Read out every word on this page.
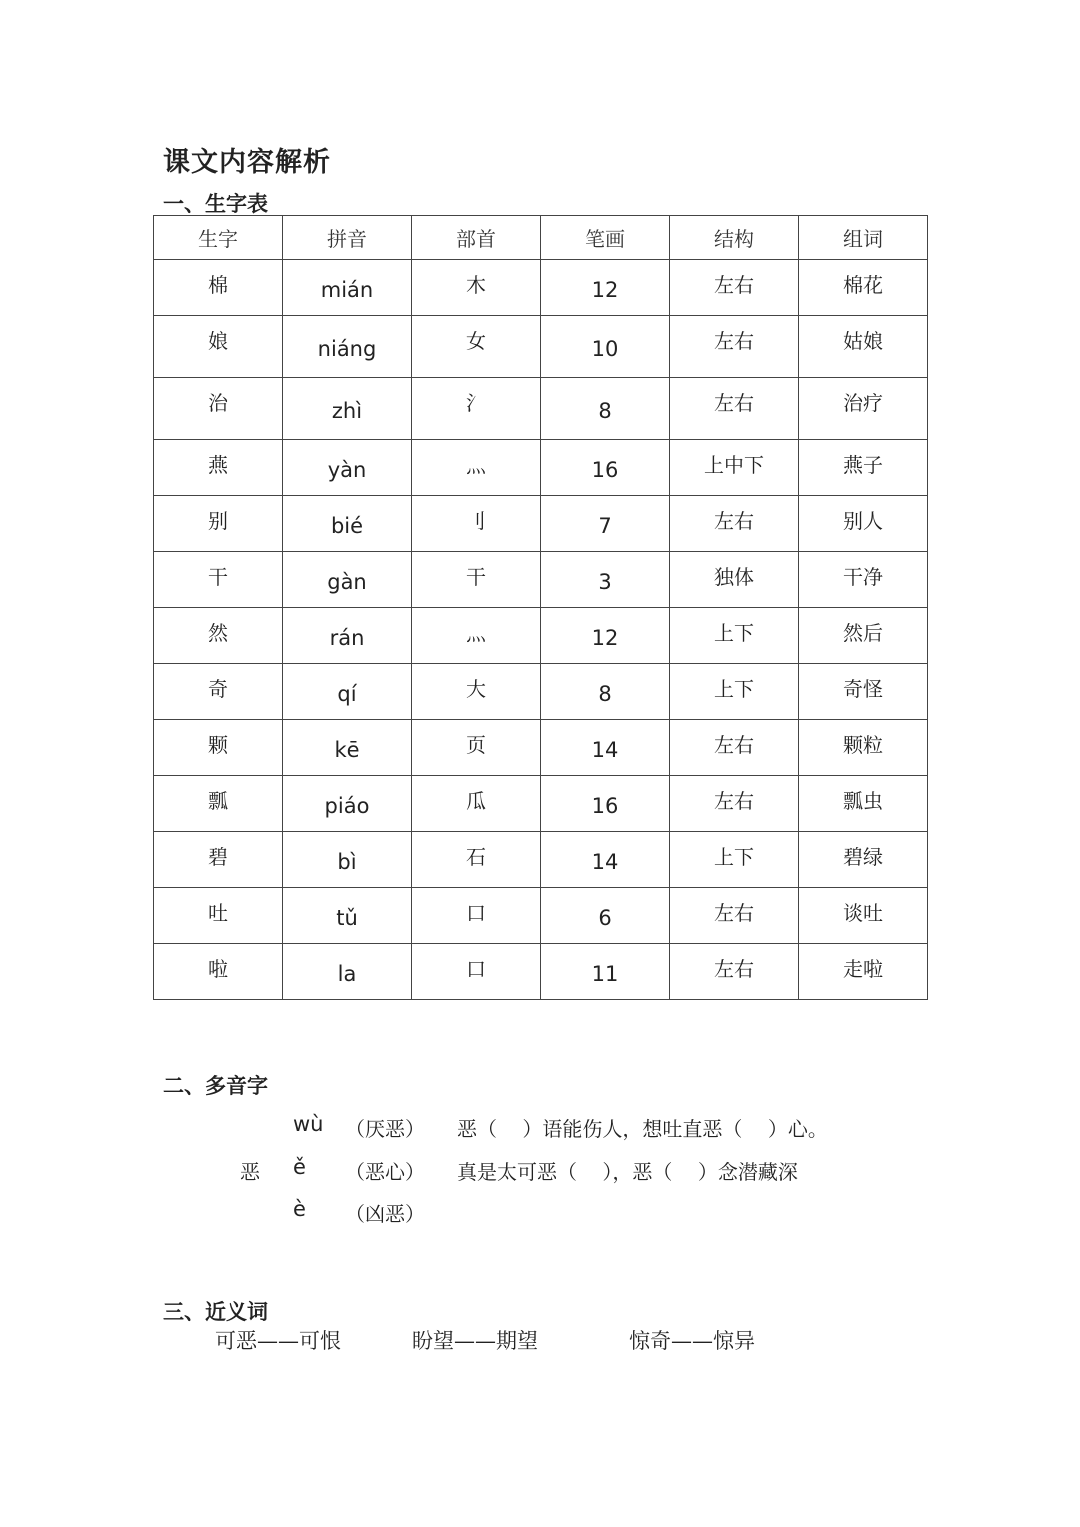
课文内容解析
一、生字表
生字	拼音	部首	笔画	结构	组词
棉	mián	木	12	左右	棉花
娘	niáng	女	10	左右	姑娘
治	zhì	氵	8	左右	治疗
燕	yàn	灬	16	上中下	燕子
别	bié	刂	7	左右	别人
干	gàn	干	3	独体	干净
然	rán	灬	12	上下	然后
奇	qí	大	8	上下	奇怪
颗	kē	页	14	左右	颗粒
瓢	piáo	瓜	16	左右	瓢虫
碧	bì	石	14	上下	碧绿
吐	tǔ	口	6	左右	谈吐
啦	la	口	11	左右	走啦
二、多音字
wù （厌恶） 恶（    ）语能伤人，想吐直恶（    ）心。
恶 ě （恶心） 真是太可恶（    ），恶（    ）念潜藏深
è （凶恶）
三、近义词
可恶——可恨	盼望——期望	惊奇——惊异
